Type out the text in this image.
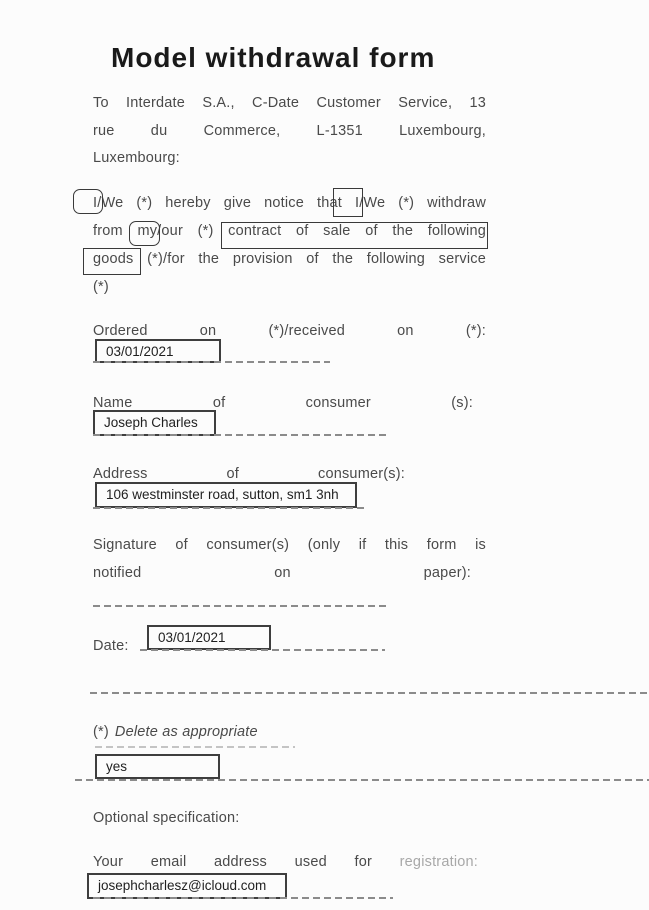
Model withdrawal form
To Interdate S.A., C-Date Customer Service, 13
rue du Commerce, L-1351 Luxembourg,
Luxembourg:
I/We (*) hereby give notice that I/We (*) withdraw
from my/our (*) contract of sale of the following
goods (*)/for the provision of the following service
(*)
Ordered on (*)/received on (*):
03/01/2021
Name of consumer (s):
Joseph Charles
Address of consumer(s):
106 westminster road, sutton, sm1 3nh
Signature of consumer(s) (only if this form is
notified on paper):
Date:
03/01/2021
(*) Delete as appropriate
yes
Optional specification:
Your email address used for registration:
josephcharlesz@icloud.com
